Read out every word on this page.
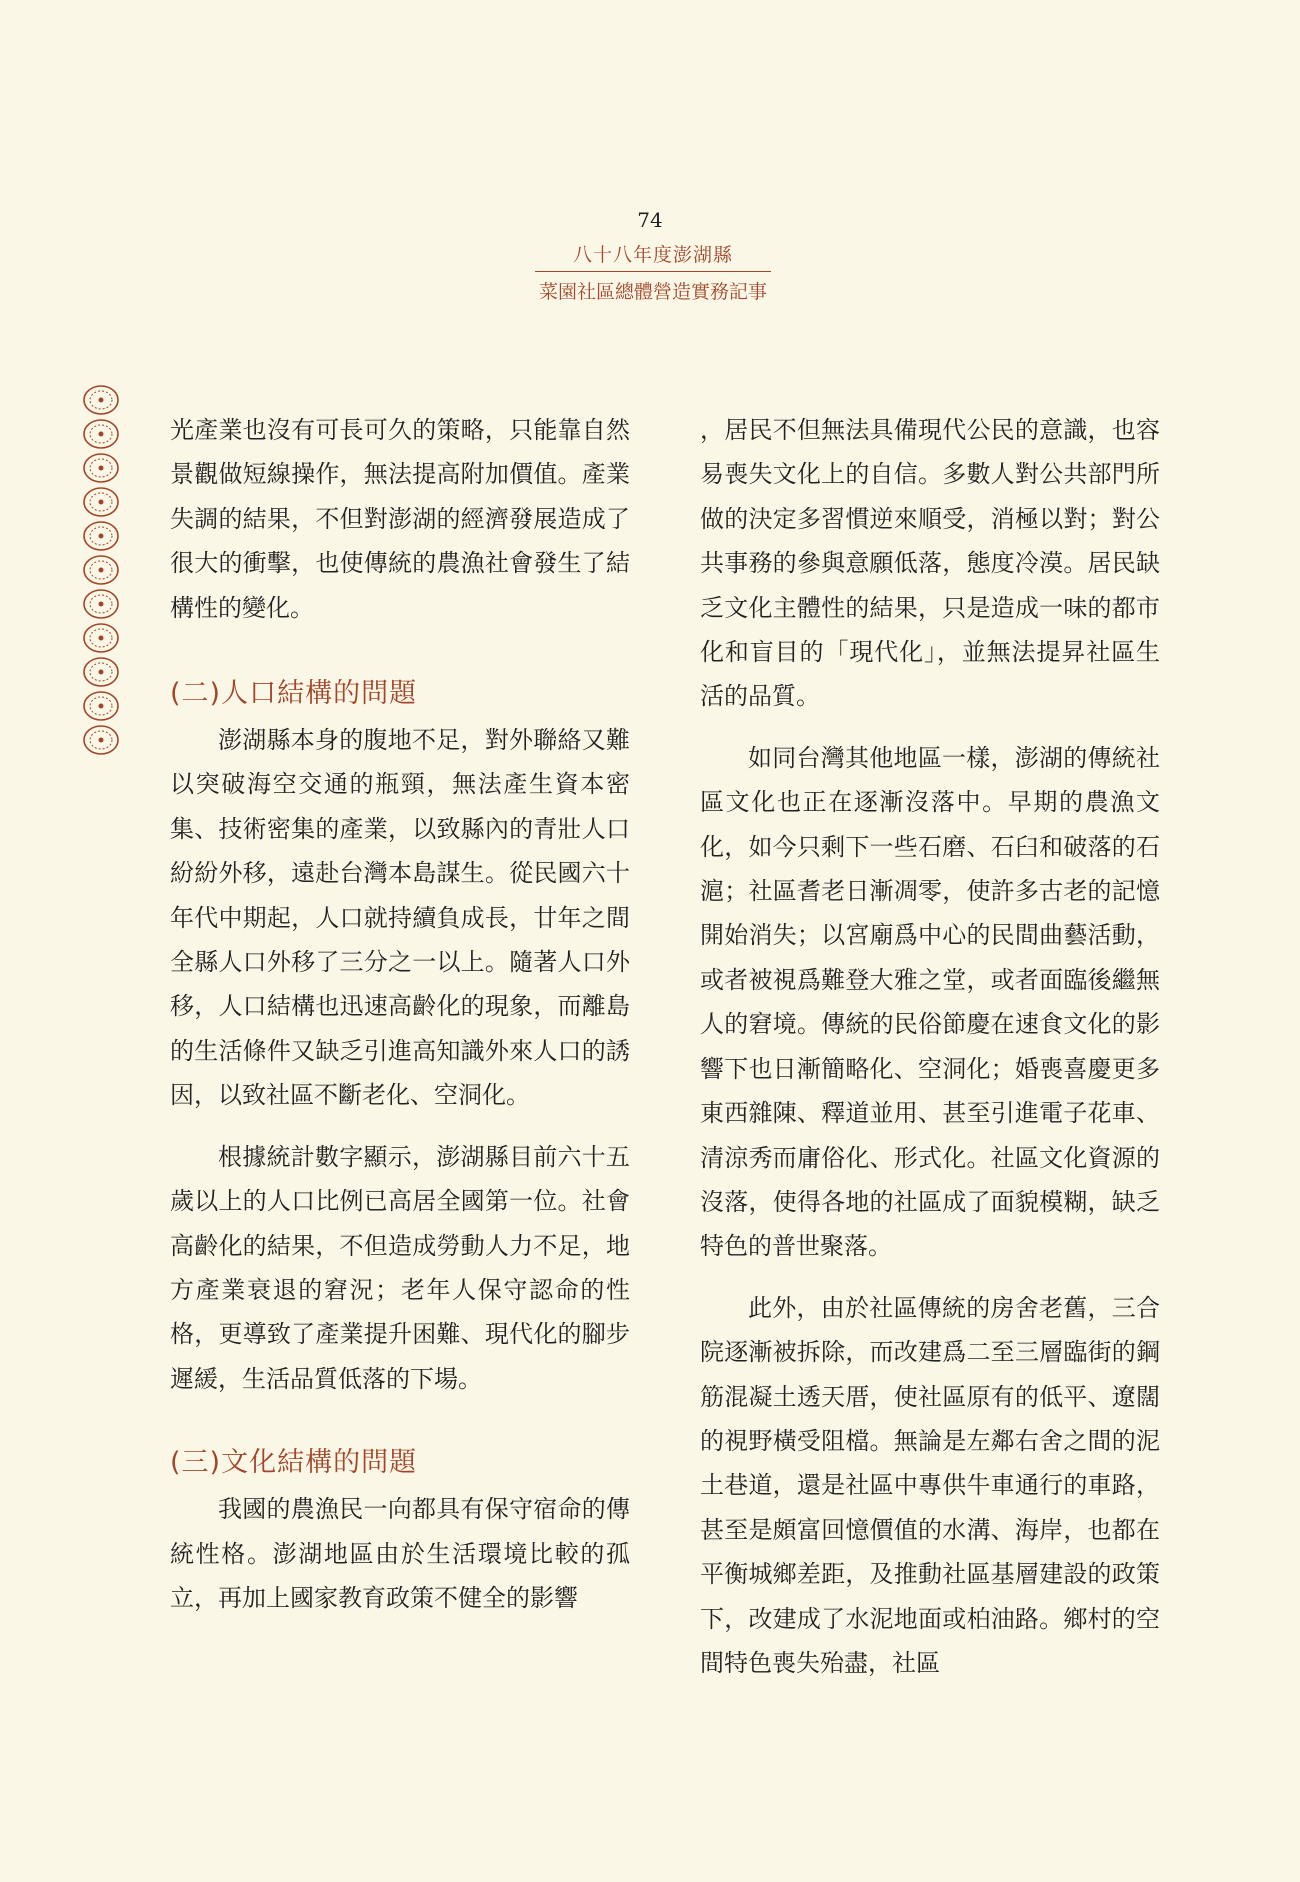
74
八十八年度澎湖縣
菜園社區總體營造實務記事

光產業也沒有可長可久的策略，只能靠自然景觀做短線操作，無法提高附加價值。產業失調的結果，不但對澎湖的經濟發展造成了很大的衝擊，也使傳統的農漁社會發生了結構性的變化。

(二)人口結構的問題

澎湖縣本身的腹地不足，對外聯絡又難以突破海空交通的瓶頸，無法產生資本密集、技術密集的產業，以致縣內的青壯人口紛紛外移，遠赴台灣本島謀生。從民國六十年代中期起，人口就持續負成長，廿年之間全縣人口外移了三分之一以上。隨著人口外移，人口結構也迅速高齡化的現象，而離島的生活條件又缺乏引進高知識外來人口的誘因，以致社區不斷老化、空洞化。

根據統計數字顯示，澎湖縣目前六十五歲以上的人口比例已高居全國第一位。社會高齡化的結果，不但造成勞動人力不足，地方產業衰退的窘況；老年人保守認命的性格，更導致了產業提升困難、現代化的腳步遲緩，生活品質低落的下場。

(三)文化結構的問題

我國的農漁民一向都具有保守宿命的傳統性格。澎湖地區由於生活環境比較的孤立，再加上國家教育政策不健全的影響

，居民不但無法具備現代公民的意識，也容易喪失文化上的自信。多數人對公共部門所做的決定多習慣逆來順受，消極以對；對公共事務的參與意願低落，態度冷漠。居民缺乏文化主體性的結果，只是造成一味的都市化和盲目的「現代化」，並無法提昇社區生活的品質。

如同台灣其他地區一樣，澎湖的傳統社區文化也正在逐漸沒落中。早期的農漁文化，如今只剩下一些石磨、石臼和破落的石滬；社區耆老日漸凋零，使許多古老的記憶開始消失；以宮廟爲中心的民間曲藝活動，或者被視爲難登大雅之堂，或者面臨後繼無人的窘境。傳統的民俗節慶在速食文化的影響下也日漸簡略化、空洞化；婚喪喜慶更多東西雜陳、釋道並用、甚至引進電子花車、清涼秀而庸俗化、形式化。社區文化資源的沒落，使得各地的社區成了面貌模糊，缺乏特色的普世聚落。

此外，由於社區傳統的房舍老舊，三合院逐漸被拆除，而改建爲二至三層臨街的鋼筋混凝土透天厝，使社區原有的低平、遼闊的視野橫受阻檔。無論是左鄰右舍之間的泥土巷道，還是社區中專供牛車通行的車路，甚至是頗富回憶價值的水溝、海岸，也都在平衡城鄉差距，及推動社區基層建設的政策下，改建成了水泥地面或柏油路。鄉村的空間特色喪失殆盡，社區
